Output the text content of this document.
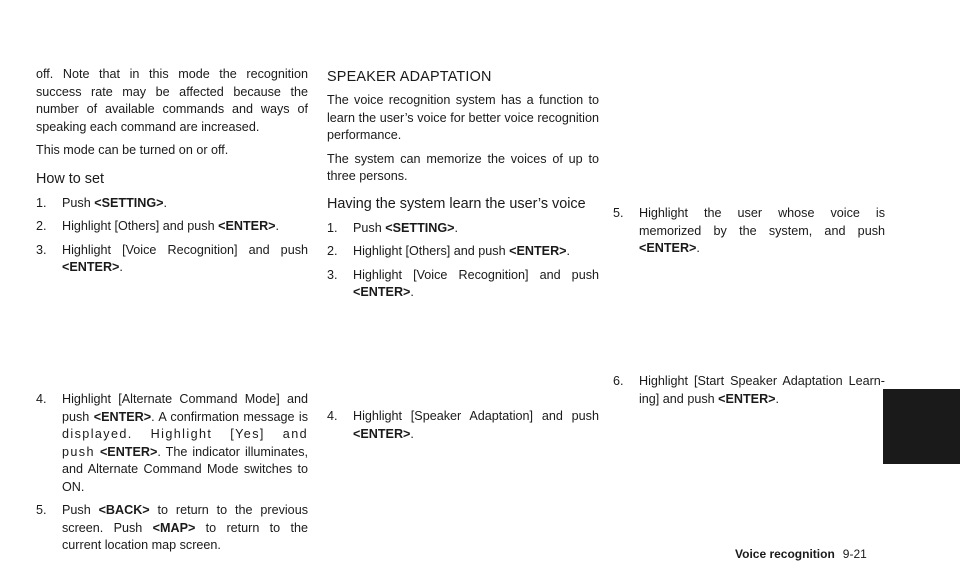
off. Note that in this mode the recognition success rate may be affected because the number of available commands and ways of speaking each command are increased.

This mode can be turned on or off.

How to set
1. Push <SETTING>.
2. Highlight [Others] and push <ENTER>.
3. Highlight [Voice Recognition] and push <ENTER>.
4. Highlight [Alternate Command Mode] and push <ENTER>. A confirmation message is displayed. Highlight [Yes] and push <ENTER>. The indicator illuminates, and Alternate Command Mode switches to ON.
5. Push <BACK> to return to the previous screen. Push <MAP> to return to the current location map screen.
SPEAKER ADAPTATION

The voice recognition system has a function to learn the user’s voice for better voice recognition performance.

The system can memorize the voices of up to three persons.

Having the system learn the user’s voice
1. Push <SETTING>.
2. Highlight [Others] and push <ENTER>.
3. Highlight [Voice Recognition] and push <ENTER>.
4. Highlight [Speaker Adaptation] and push <ENTER>.
5. Highlight the user whose voice is memorized by the system, and push <ENTER>.
6. Highlight [Start Speaker Adaptation Learn-ing] and push <ENTER>.
Voice recognition 9-21
